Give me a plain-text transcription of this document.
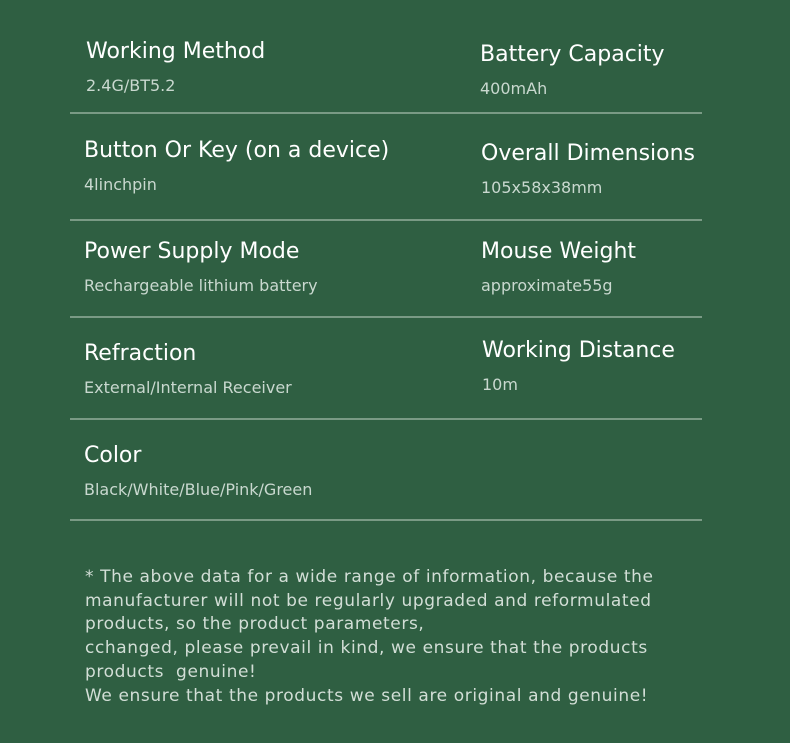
Working Method
2.4G/BT5.2
Battery Capacity
400mAh
Button Or Key (on a device)
4linchpin
Overall Dimensions
105x58x38mm
Power Supply Mode
Rechargeable lithium battery
Mouse Weight
approximate55g
Refraction
External/Internal Receiver
Working Distance
10m
Color
Black/White/Blue/Pink/Green
* The above data for a wide range of information, because the
manufacturer will not be regularly upgraded and reformulated
products, so the product parameters,
cchanged, please prevail in kind, we ensure that the products
products  genuine!
We ensure that the products we sell are original and genuine!
